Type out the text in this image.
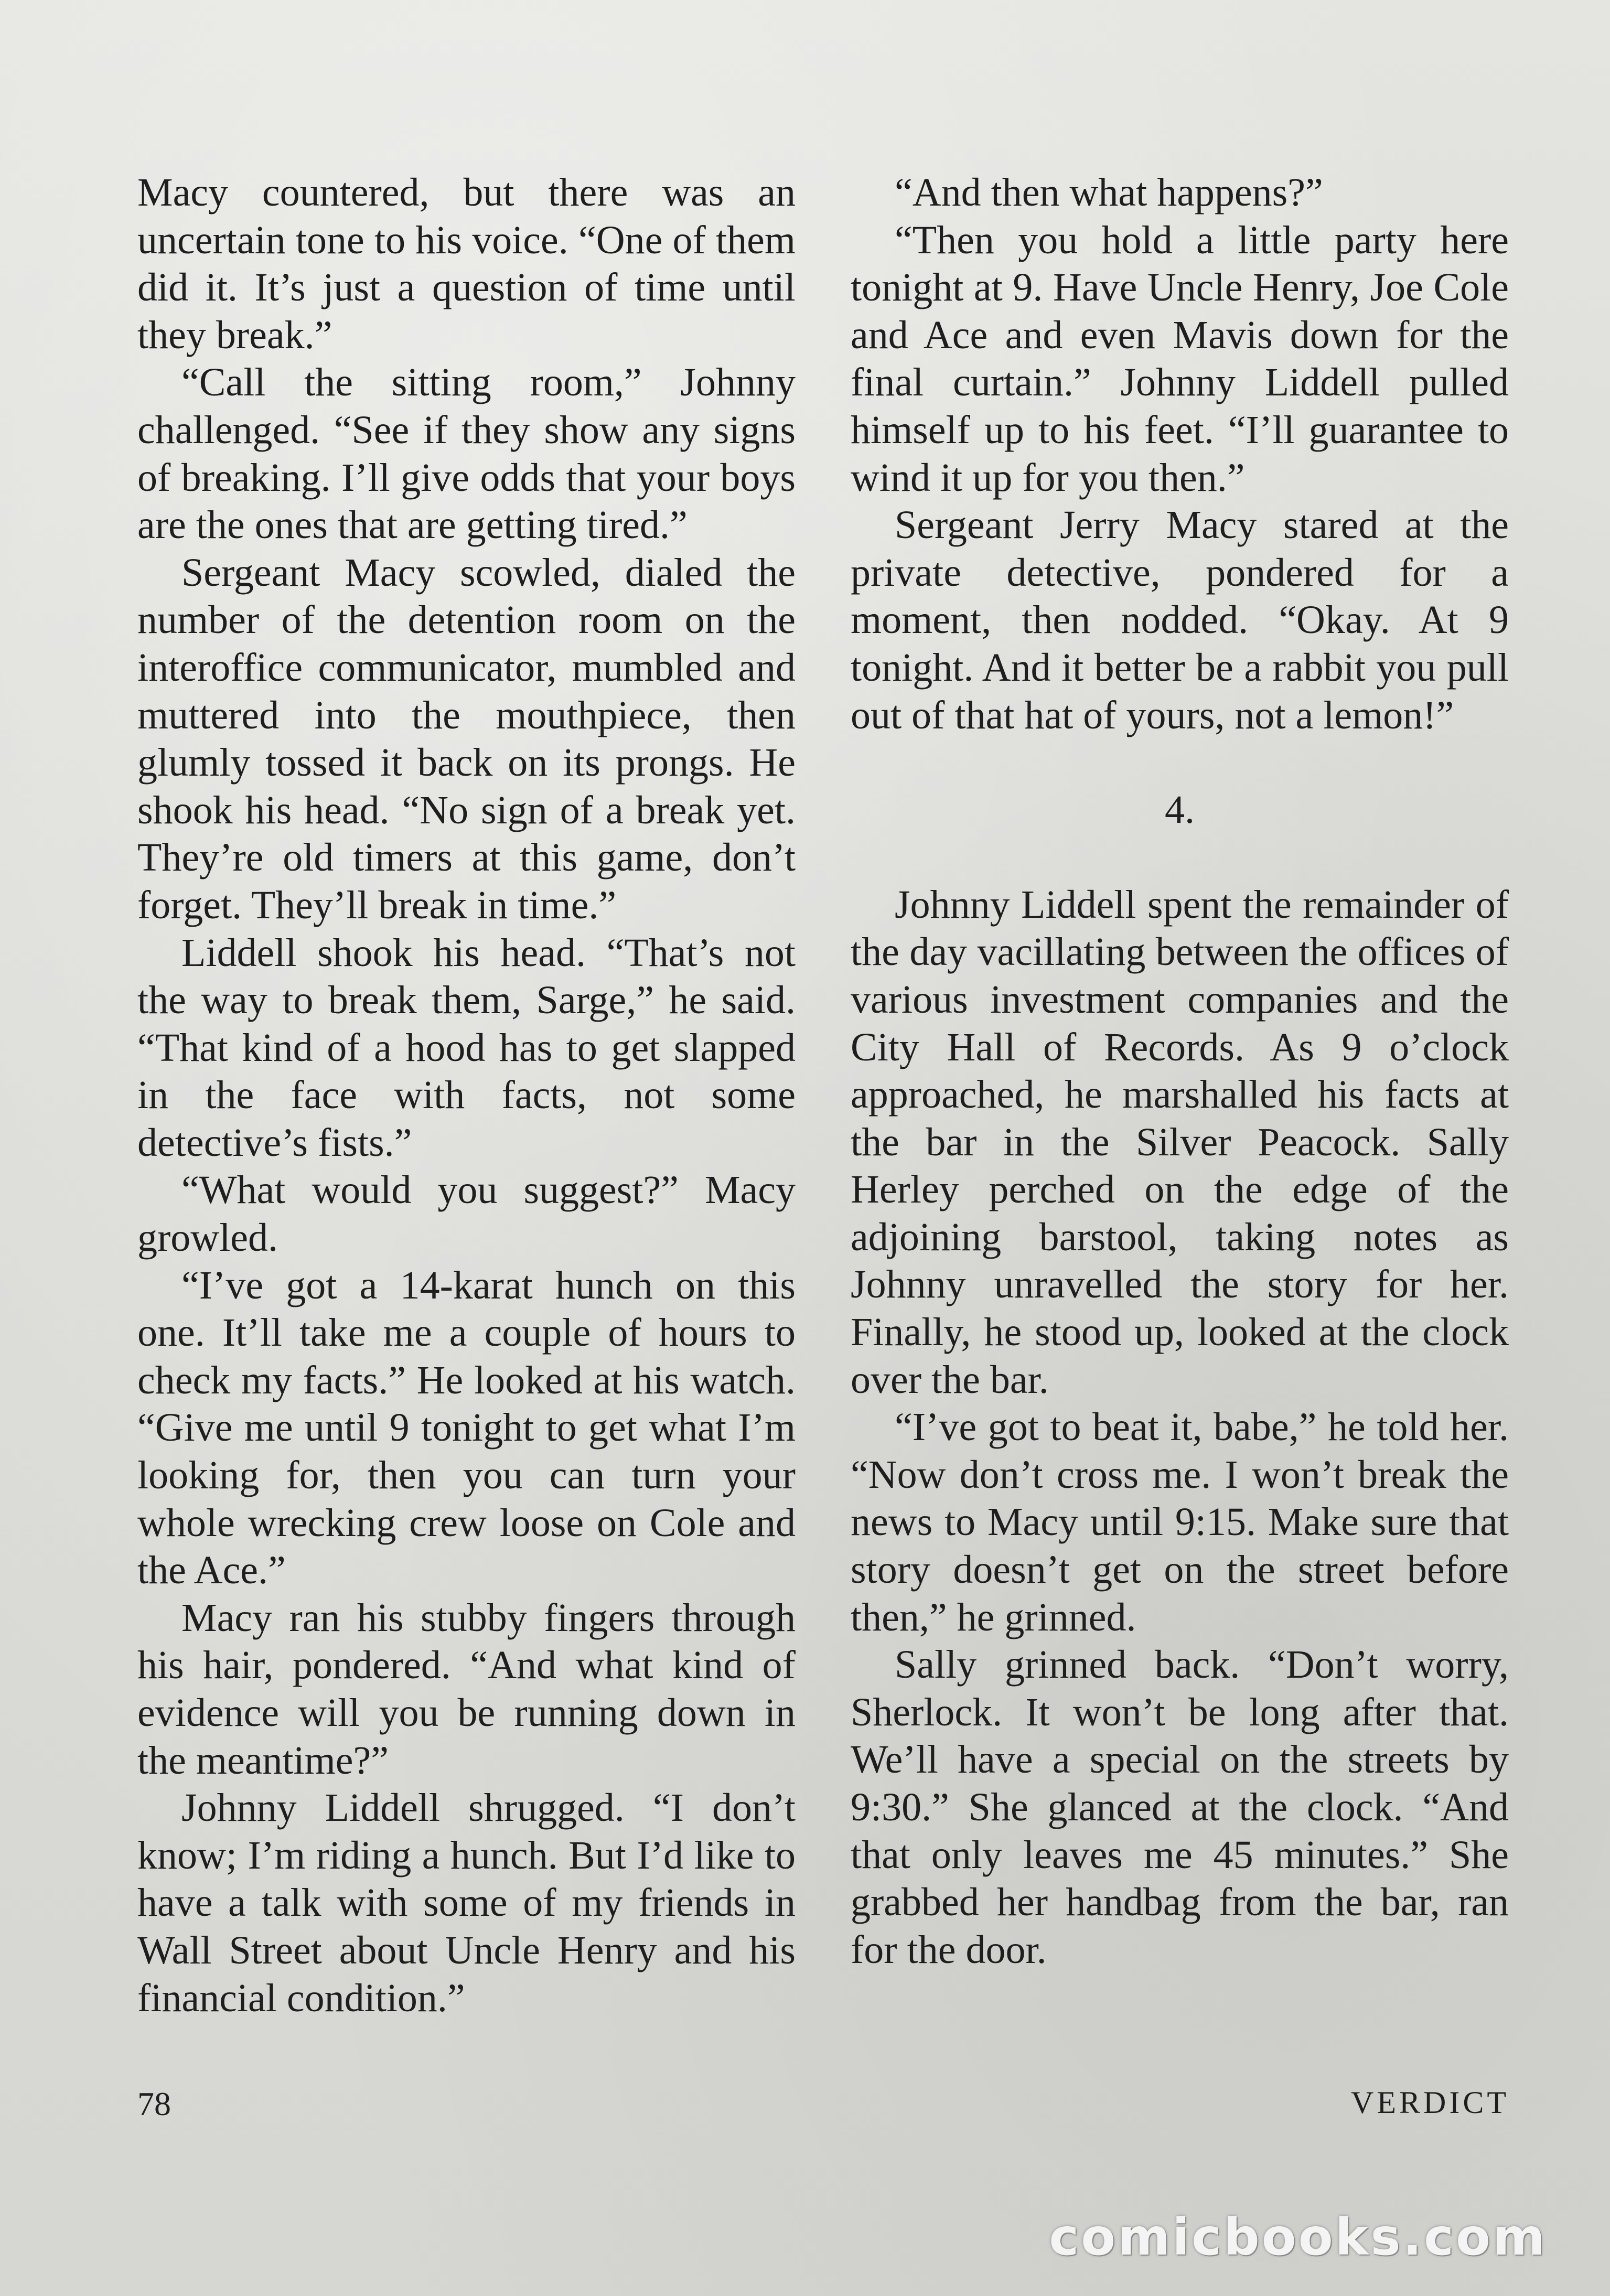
Macy countered, but there was an uncertain tone to his voice. “One of them did it. It’s just a question of time until they break.”

“Call the sitting room,” Johnny challenged. “See if they show any signs of breaking. I’ll give odds that your boys are the ones that are getting tired.”

Sergeant Macy scowled, dialed the number of the detention room on the interoffice communicator, mumbled and muttered into the mouthpiece, then glumly tossed it back on its prongs. He shook his head. “No sign of a break yet. They’re old timers at this game, don’t forget. They’ll break in time.”

Liddell shook his head. “That’s not the way to break them, Sarge,” he said. “That kind of a hood has to get slapped in the face with facts, not some detective’s fists.”

“What would you suggest?” Macy growled.

“I’ve got a 14-karat hunch on this one. It’ll take me a couple of hours to check my facts.” He looked at his watch. “Give me until 9 tonight to get what I’m looking for, then you can turn your whole wrecking crew loose on Cole and the Ace.”

Macy ran his stubby fingers through his hair, pondered. “And what kind of evidence will you be running down in the meantime?”

Johnny Liddell shrugged. “I don’t know; I’m riding a hunch. But I’d like to have a talk with some of my friends in Wall Street about Uncle Henry and his financial condition.”

“And then what happens?”

“Then you hold a little party here tonight at 9. Have Uncle Henry, Joe Cole and Ace and even Mavis down for the final curtain.” Johnny Liddell pulled himself up to his feet. “I’ll guarantee to wind it up for you then.”

Sergeant Jerry Macy stared at the private detective, pondered for a moment, then nodded. “Okay. At 9 tonight. And it better be a rabbit you pull out of that hat of yours, not a lemon!”

4.

Johnny Liddell spent the remainder of the day vacillating between the offices of various investment companies and the City Hall of Records. As 9 o’clock approached, he marshalled his facts at the bar in the Silver Peacock. Sally Herley perched on the edge of the adjoining barstool, taking notes as Johnny unravelled the story for her. Finally, he stood up, looked at the clock over the bar.

“I’ve got to beat it, babe,” he told her. “Now don’t cross me. I won’t break the news to Macy until 9:15. Make sure that story doesn’t get on the street before then,” he grinned.

Sally grinned back. “Don’t worry, Sherlock. It won’t be long after that. We’ll have a special on the streets by 9:30.” She glanced at the clock. “And that only leaves me 45 minutes.” She grabbed her handbag from the bar, ran for the door.

78	VERDICT
comicbooks.com
